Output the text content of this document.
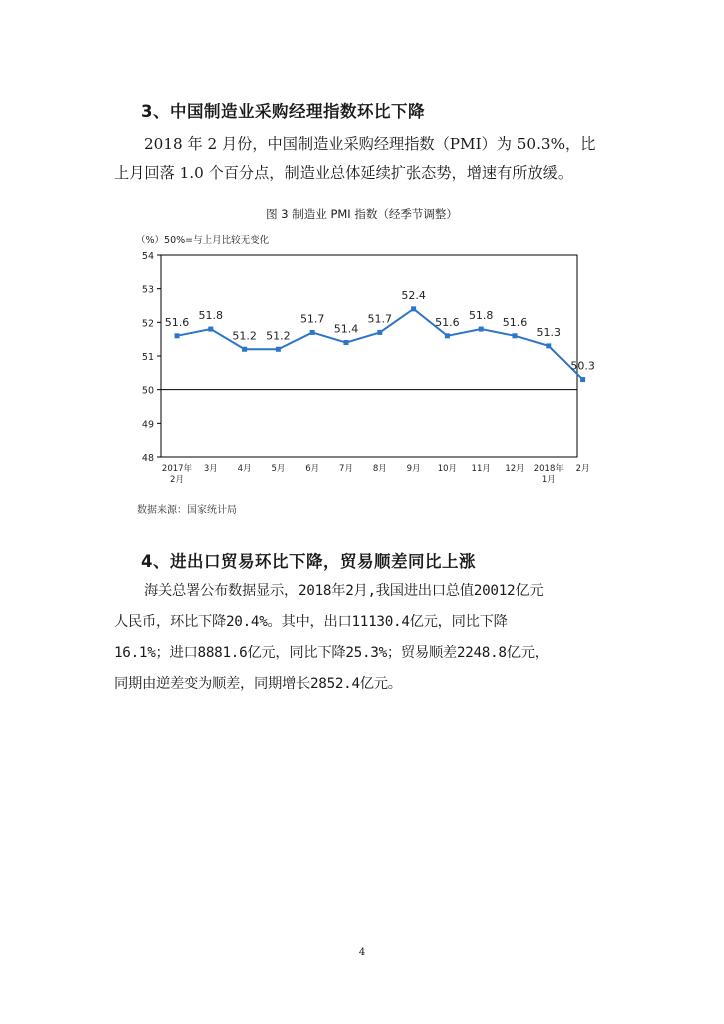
3、中国制造业采购经理指数环比下降
2018 年 2 月份，中国制造业采购经理指数（PMI）为 50.3%，比
上月回落 1.0 个百分点，制造业总体延续扩张态势，增速有所放缓。
图 3 制造业 PMI 指数（经季节调整）
48
49
50
51
52
53
54
（%）50%=与上月比较无变化
2017年
2月
3月 4月 5月 6月 7月 8月 9月 10月 11月 12月 2018年
1月
2月
51.6
51.8
51.2 51.2
51.7
51.4
51.7
52.4
51.6
51.8
51.6
51.3
50.3
数据来源：国家统计局
4、进出口贸易环比下降，贸易顺差同比上涨
海关总署公布数据显示，2018年2月,我国进出口总值20012亿元
人民币，环比下降20.4%。其中，出口11130.4亿元，同比下降
16.1%；进口8881.6亿元，同比下降25.3%；贸易顺差2248.8亿元，
同期由逆差变为顺差，同期增长2852.4亿元。
4
